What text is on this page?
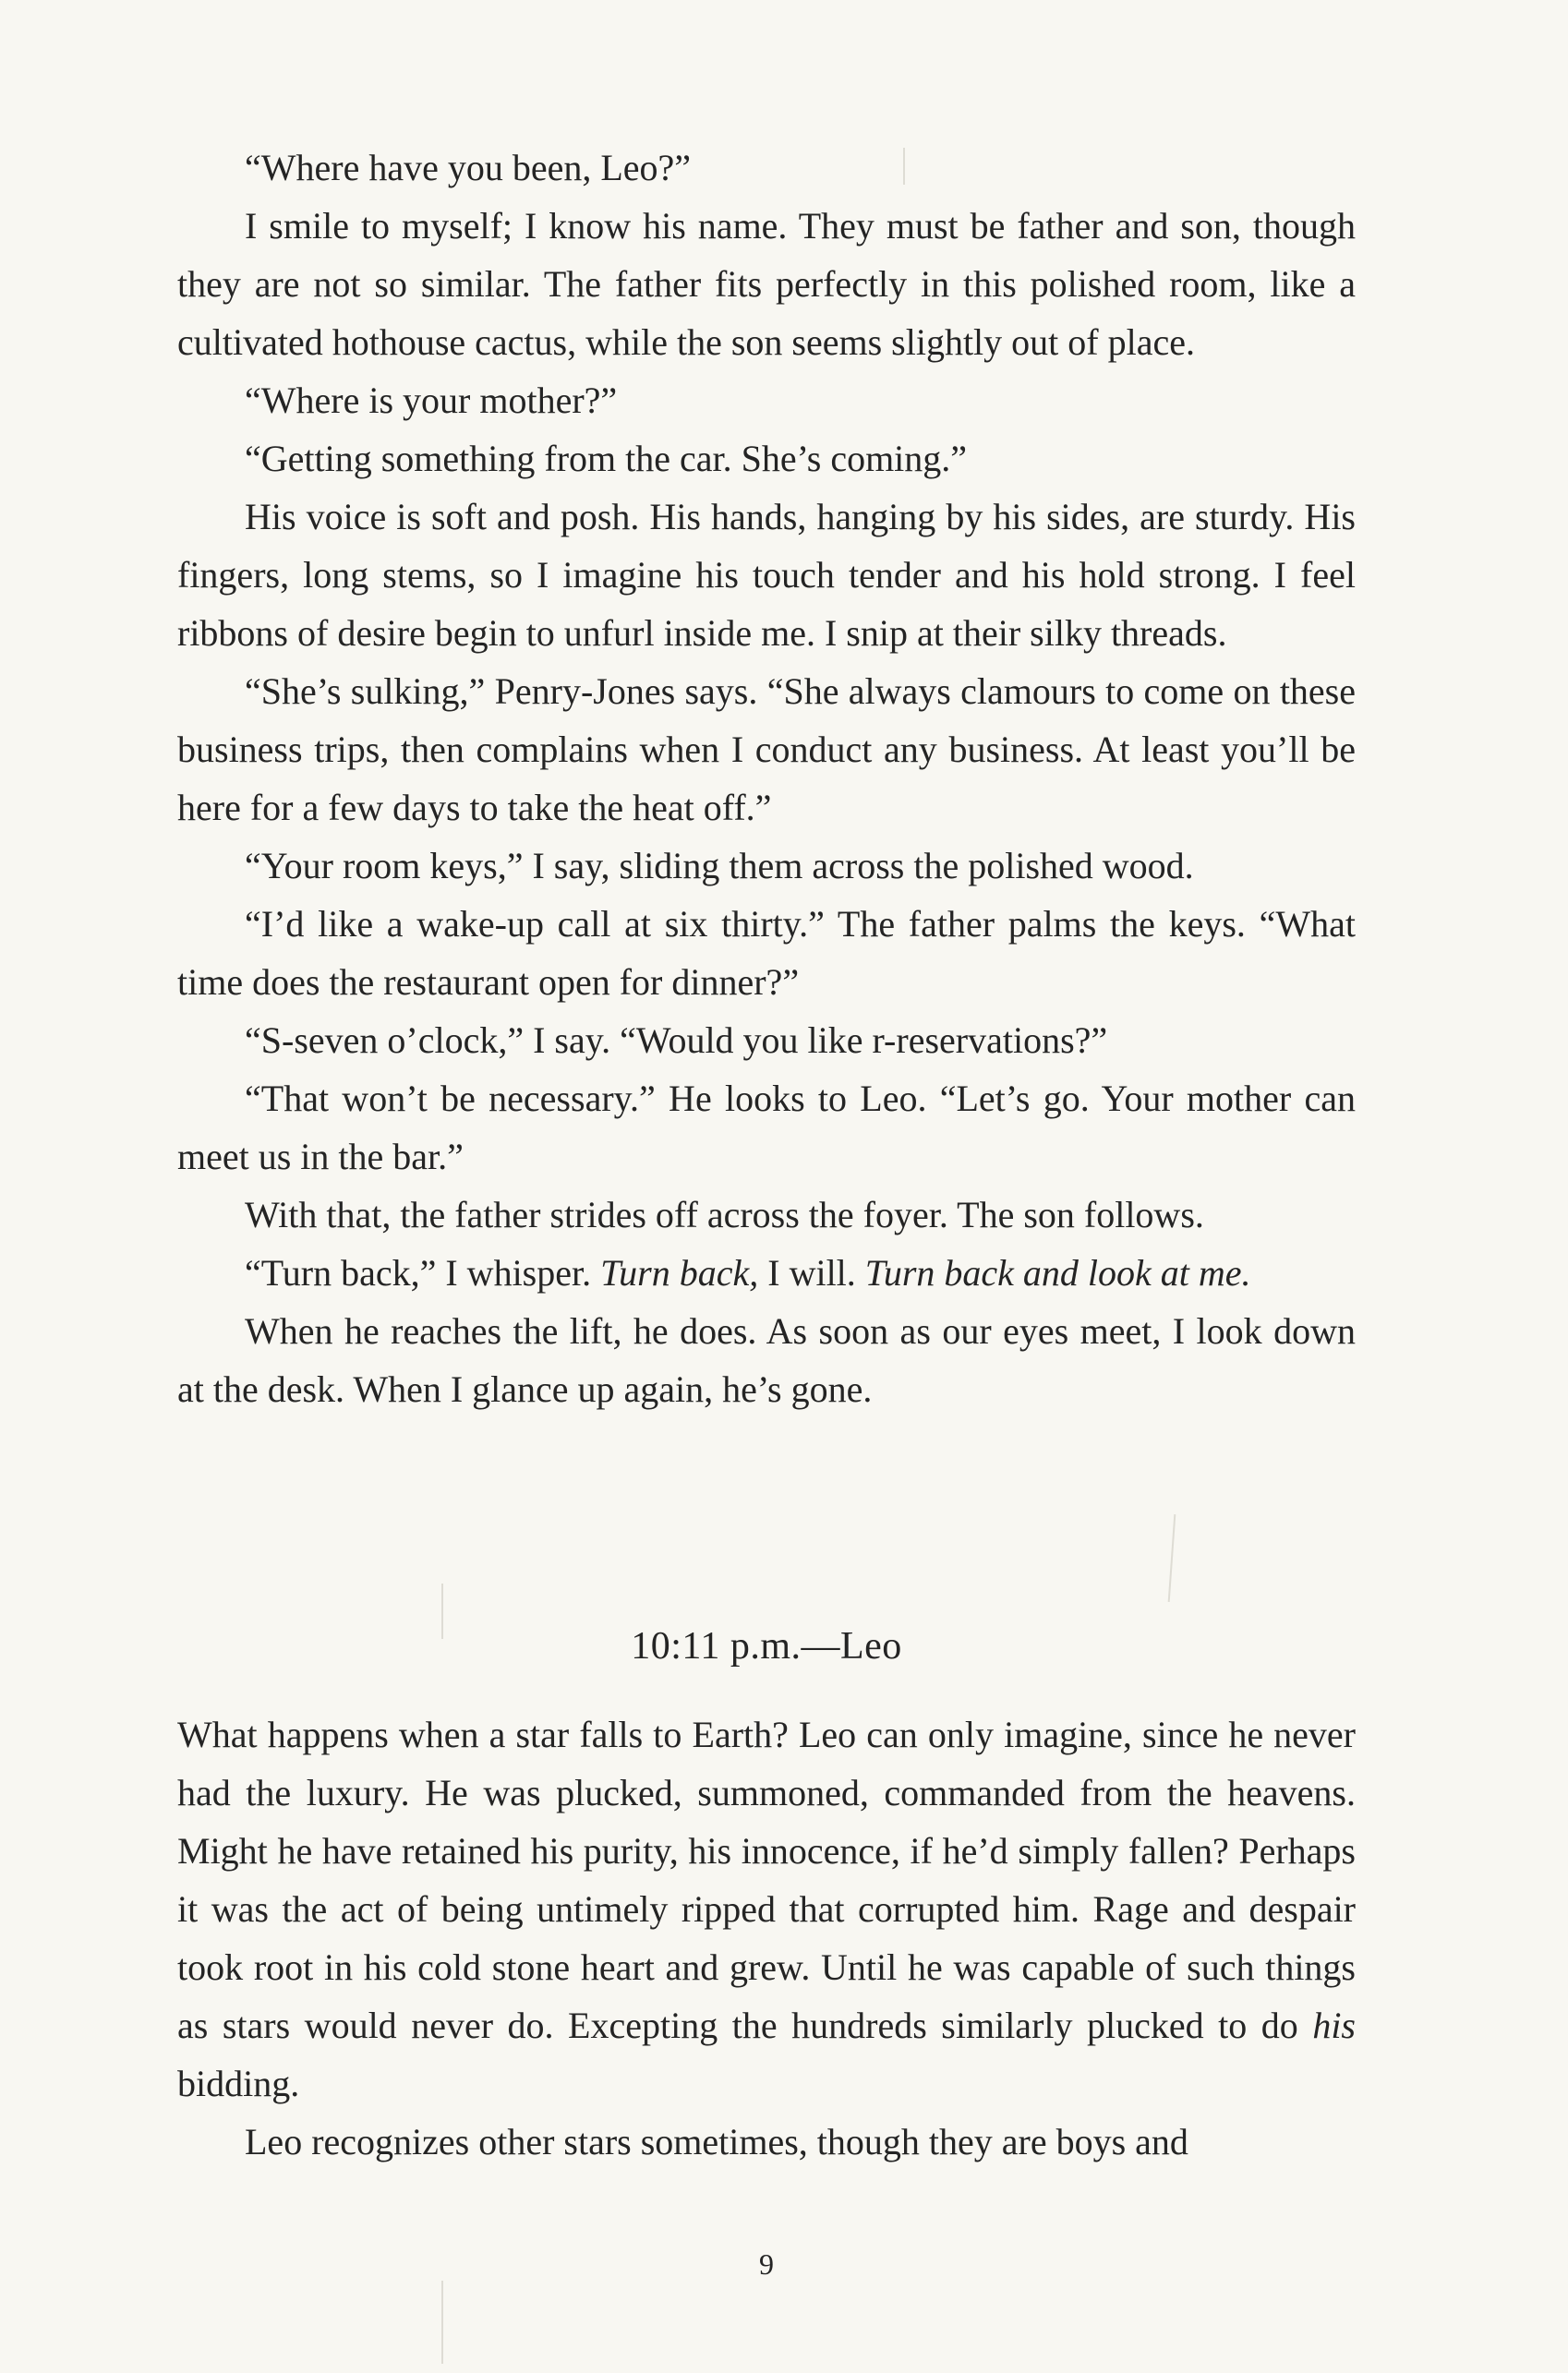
“Where have you been, Leo?”

I smile to myself; I know his name. They must be father and son, though they are not so similar. The father fits perfectly in this polished room, like a cultivated hothouse cactus, while the son seems slightly out of place.

“Where is your mother?”

“Getting something from the car. She’s coming.”

His voice is soft and posh. His hands, hanging by his sides, are sturdy. His fingers, long stems, so I imagine his touch tender and his hold strong. I feel ribbons of desire begin to unfurl inside me. I snip at their silky threads.

“She’s sulking,” Penry-Jones says. “She always clamours to come on these business trips, then complains when I conduct any business. At least you’ll be here for a few days to take the heat off.”

“Your room keys,” I say, sliding them across the polished wood.

“I’d like a wake-up call at six thirty.” The father palms the keys. “What time does the restaurant open for dinner?”

“S-seven o’clock,” I say. “Would you like r-reservations?”

“That won’t be necessary.” He looks to Leo. “Let’s go. Your mother can meet us in the bar.”

With that, the father strides off across the foyer. The son follows.

“Turn back,” I whisper. Turn back, I will. Turn back and look at me.

When he reaches the lift, he does. As soon as our eyes meet, I look down at the desk. When I glance up again, he’s gone.

10:11 p.m.—Leo

What happens when a star falls to Earth? Leo can only imagine, since he never had the luxury. He was plucked, summoned, commanded from the heavens. Might he have retained his purity, his innocence, if he’d simply fallen? Perhaps it was the act of being untimely ripped that corrupted him. Rage and despair took root in his cold stone heart and grew. Until he was capable of such things as stars would never do. Excepting the hundreds similarly plucked to do his bidding.

Leo recognizes other stars sometimes, though they are boys and

9
